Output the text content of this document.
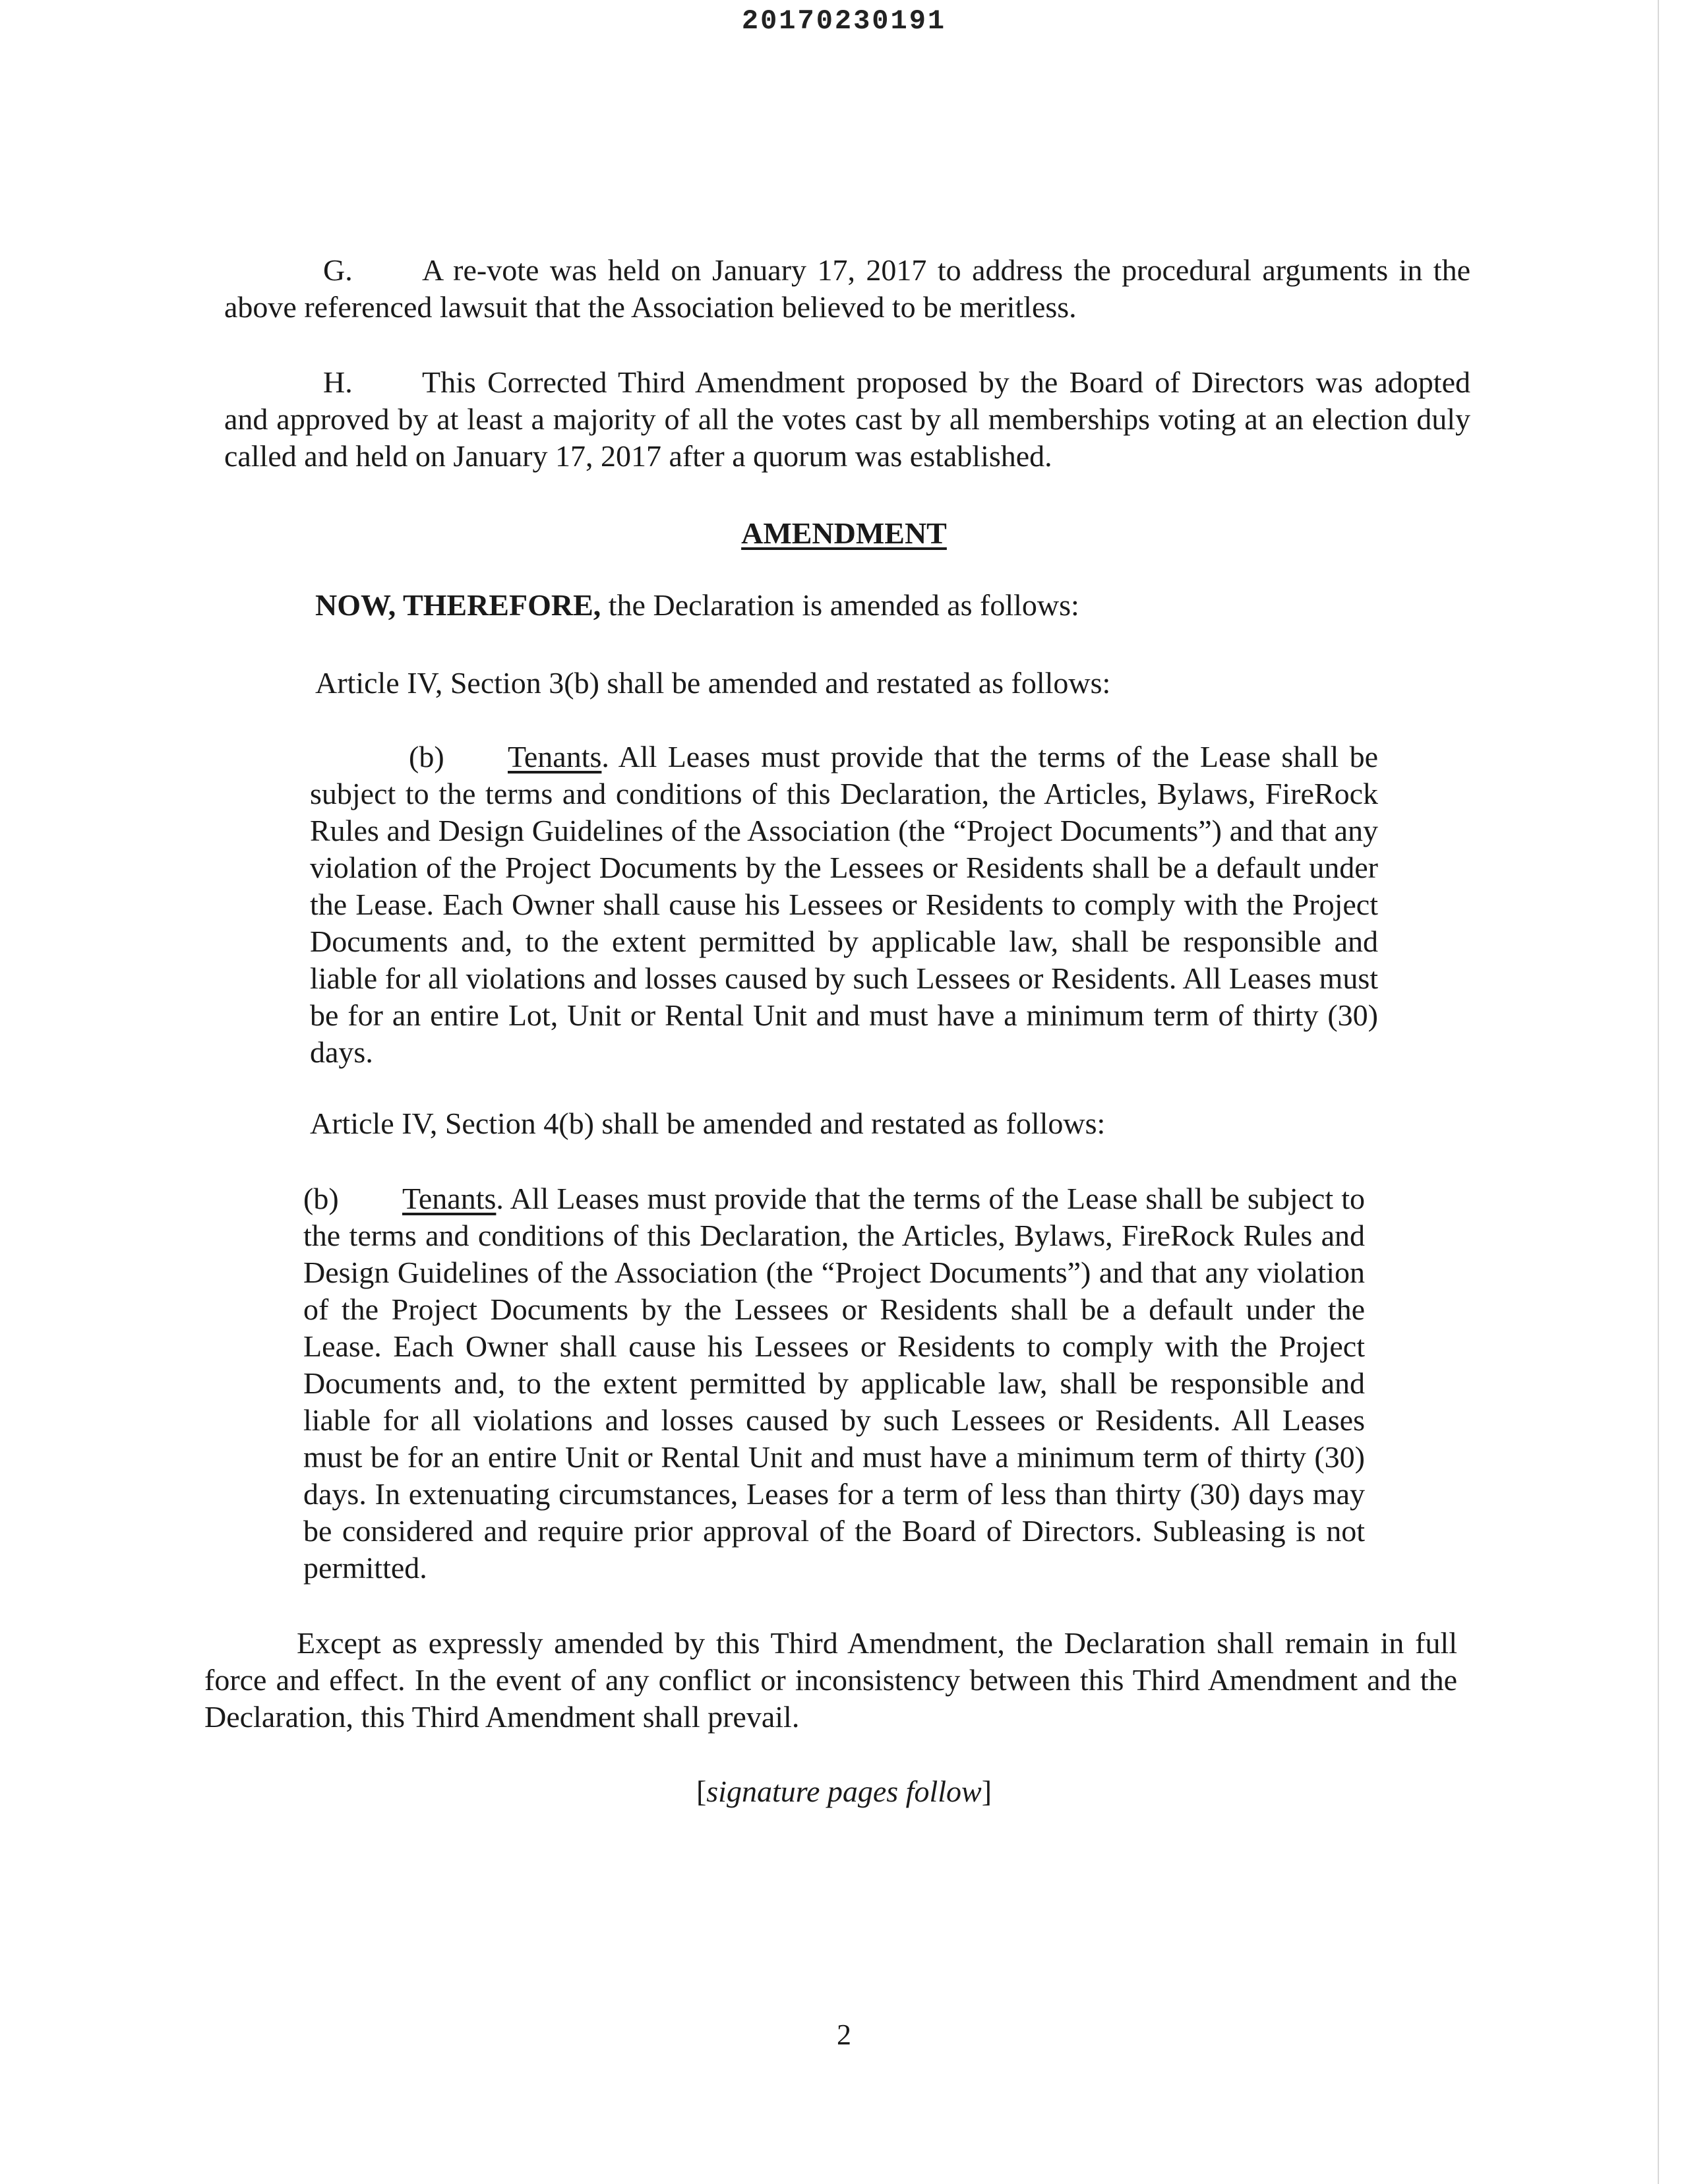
20170230191

G. A re-vote was held on January 17, 2017 to address the procedural arguments in the above referenced lawsuit that the Association believed to be meritless.

H. This Corrected Third Amendment proposed by the Board of Directors was adopted and approved by at least a majority of all the votes cast by all memberships voting at an election duly called and held on January 17, 2017 after a quorum was established.

AMENDMENT
NOW, THEREFORE, the Declaration is amended as follows:
Article IV, Section 3(b) shall be amended and restated as follows:

(b) Tenants. All Leases must provide that the terms of the Lease shall be subject to the terms and conditions of this Declaration, the Articles, Bylaws, FireRock Rules and Design Guidelines of the Association (the “Project Documents”) and that any violation of the Project Documents by the Lessees or Residents shall be a default under the Lease. Each Owner shall cause his Lessees or Residents to comply with the Project Documents and, to the extent permitted by applicable law, shall be responsible and liable for all violations and losses caused by such Lessees or Residents. All Leases must be for an entire Lot, Unit or Rental Unit and must have a minimum term of thirty (30) days.

Article IV, Section 4(b) shall be amended and restated as follows:

(b) Tenants. All Leases must provide that the terms of the Lease shall be subject to the terms and conditions of this Declaration, the Articles, Bylaws, FireRock Rules and Design Guidelines of the Association (the “Project Documents”) and that any violation of the Project Documents by the Lessees or Residents shall be a default under the Lease. Each Owner shall cause his Lessees or Residents to comply with the Project Documents and, to the extent permitted by applicable law, shall be responsible and liable for all violations and losses caused by such Lessees or Residents. All Leases must be for an entire Unit or Rental Unit and must have a minimum term of thirty (30) days. In extenuating circumstances, Leases for a term of less than thirty (30) days may be considered and require prior approval of the Board of Directors. Subleasing is not permitted.

Except as expressly amended by this Third Amendment, the Declaration shall remain in full force and effect. In the event of any conflict or inconsistency between this Third Amendment and the Declaration, this Third Amendment shall prevail.

[signature pages follow]
2
